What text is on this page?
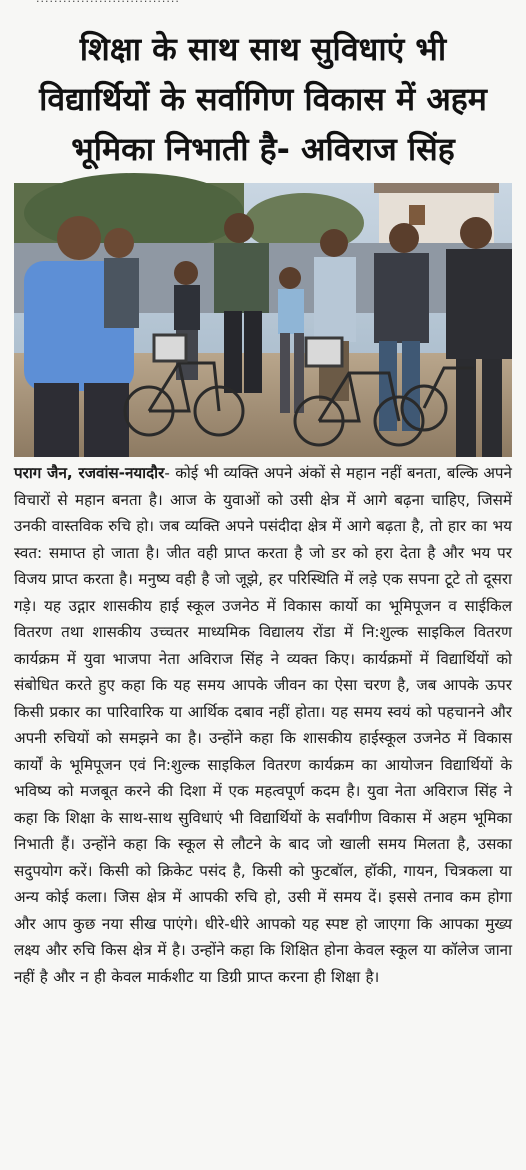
शिक्षा के साथ साथ सुविधाएं भी
विद्यार्थियों के सर्वागिण विकास में अहम
भूमिका निभाती है- अविराज सिंह
पराग जैन, रजवांस-नयादौर- कोई भी व्यक्ति अपने अंकों से महान नहीं बनता, बल्कि अपने विचारों से महान बनता है। आज के युवाओं को उसी क्षेत्र में आगे बढ़ना चाहिए, जिसमें उनकी वास्तविक रुचि हो। जब व्यक्ति अपने पसंदीदा क्षेत्र में आगे बढ़ता है, तो हार का भय स्वत: समाप्त हो जाता है। जीत वही प्राप्त करता है जो डर को हरा देता है और भय पर विजय प्राप्त करता है। मनुष्य वही है जो जूझे, हर परिस्थिति में लड़े एक सपना टूटे तो दूसरा गड़े। यह उद्गार शासकीय हाई स्कूल उजनेठ में विकास कार्यो का भूमिपूजन व साईकिल वितरण तथा शासकीय उच्चतर माध्यमिक विद्यालय रोंडा में नि:शुल्क साइकिल वितरण कार्यक्रम में युवा भाजपा नेता अविराज सिंह ने व्यक्त किए। कार्यक्रमों में विद्यार्थियों को संबोधित करते हुए कहा कि यह समय आपके जीवन का ऐसा चरण है, जब आपके ऊपर किसी प्रकार का पारिवारिक या आर्थिक दबाव नहीं होता। यह समय स्वयं को पहचानने और अपनी रुचियों को समझने का है। उन्होंने कहा कि शासकीय हाईस्कूल उजनेठ में विकास कार्यों के भूमिपूजन एवं नि:शुल्क साइकिल वितरण कार्यक्रम का आयोजन विद्यार्थियों के भविष्य को मजबूत करने की दिशा में एक महत्वपूर्ण कदम है। युवा नेता अविराज सिंह ने कहा कि शिक्षा के साथ-साथ सुविधाएं भी विद्यार्थियों के सर्वांगीण विकास में अहम भूमिका निभाती हैं। उन्होंने कहा कि स्कूल से लौटने के बाद जो खाली समय मिलता है, उसका सदुपयोग करें। किसी को क्रिकेट पसंद है, किसी को फुटबॉल, हॉकी, गायन, चित्रकला या अन्य कोई कला। जिस क्षेत्र में आपकी रुचि हो, उसी में समय दें। इससे तनाव कम होगा और आप कुछ नया सीख पाएंगे। धीरे-धीरे आपको यह स्पष्ट हो जाएगा कि आपका मुख्य लक्ष्य और रुचि किस क्षेत्र में है। उन्होंने कहा कि शिक्षित होना केवल स्कूल या कॉलेज जाना नहीं है और न ही केवल मार्कशीट या डिग्री प्राप्त करना ही शिक्षा है।
